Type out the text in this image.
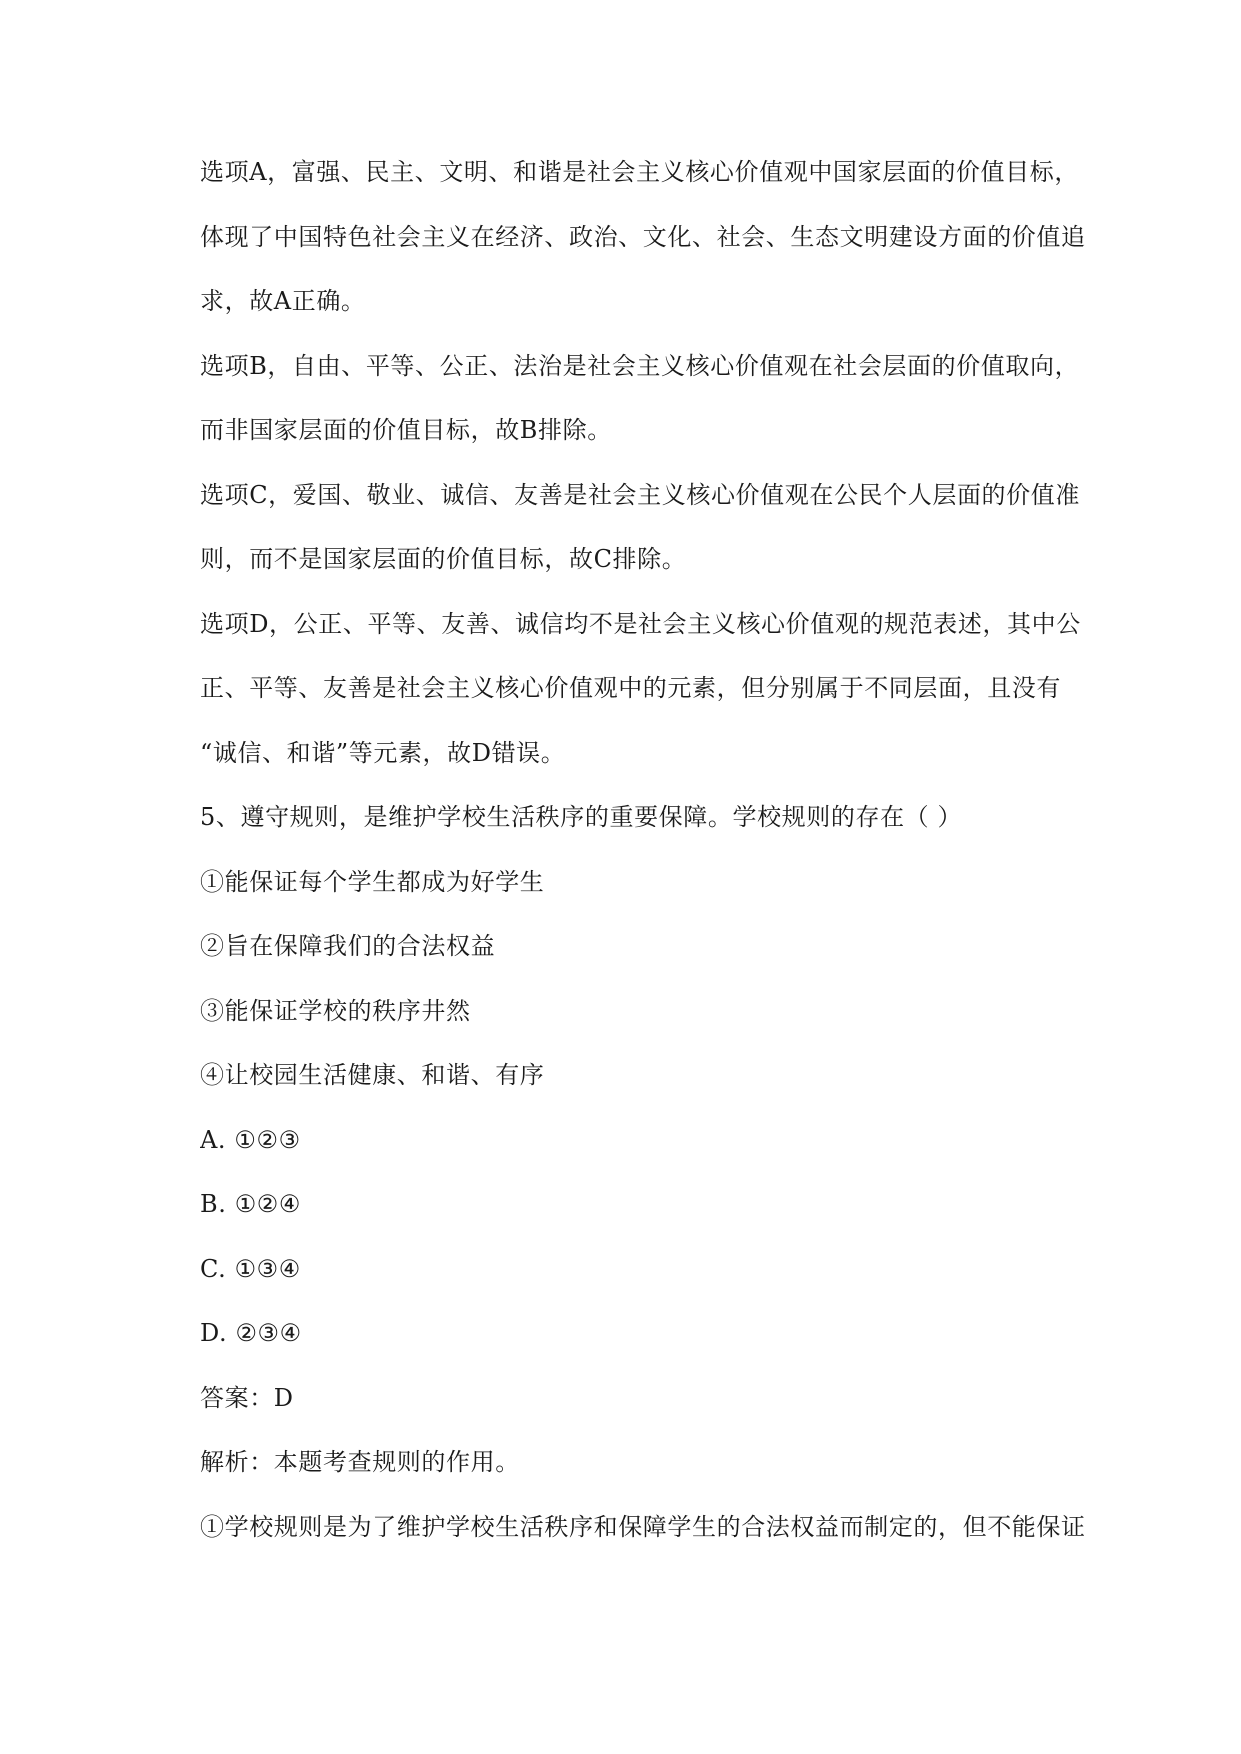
选项A，富强、民主、文明、和谐是社会主义核心价值观中国家层面的价值目标，
体现了中国特色社会主义在经济、政治、文化、社会、生态文明建设方面的价值追
求，故A正确。
选项B，自由、平等、公正、法治是社会主义核心价值观在社会层面的价值取向，
而非国家层面的价值目标，故B排除。
选项C，爱国、敬业、诚信、友善是社会主义核心价值观在公民个人层面的价值准
则，而不是国家层面的价值目标，故C排除。
选项D，公正、平等、友善、诚信均不是社会主义核心价值观的规范表述，其中公
正、平等、友善是社会主义核心价值观中的元素，但分别属于不同层面，且没有
“诚信、和谐”等元素，故D错误。
5、遵守规则，是维护学校生活秩序的重要保障。学校规则的存在（ ）
①能保证每个学生都成为好学生
②旨在保障我们的合法权益
③能保证学校的秩序井然
④让校园生活健康、和谐、有序
A. ①②③
B. ①②④
C. ①③④
D. ②③④
答案：D
解析：本题考查规则的作用。
①学校规则是为了维护学校生活秩序和保障学生的合法权益而制定的，但不能保证
